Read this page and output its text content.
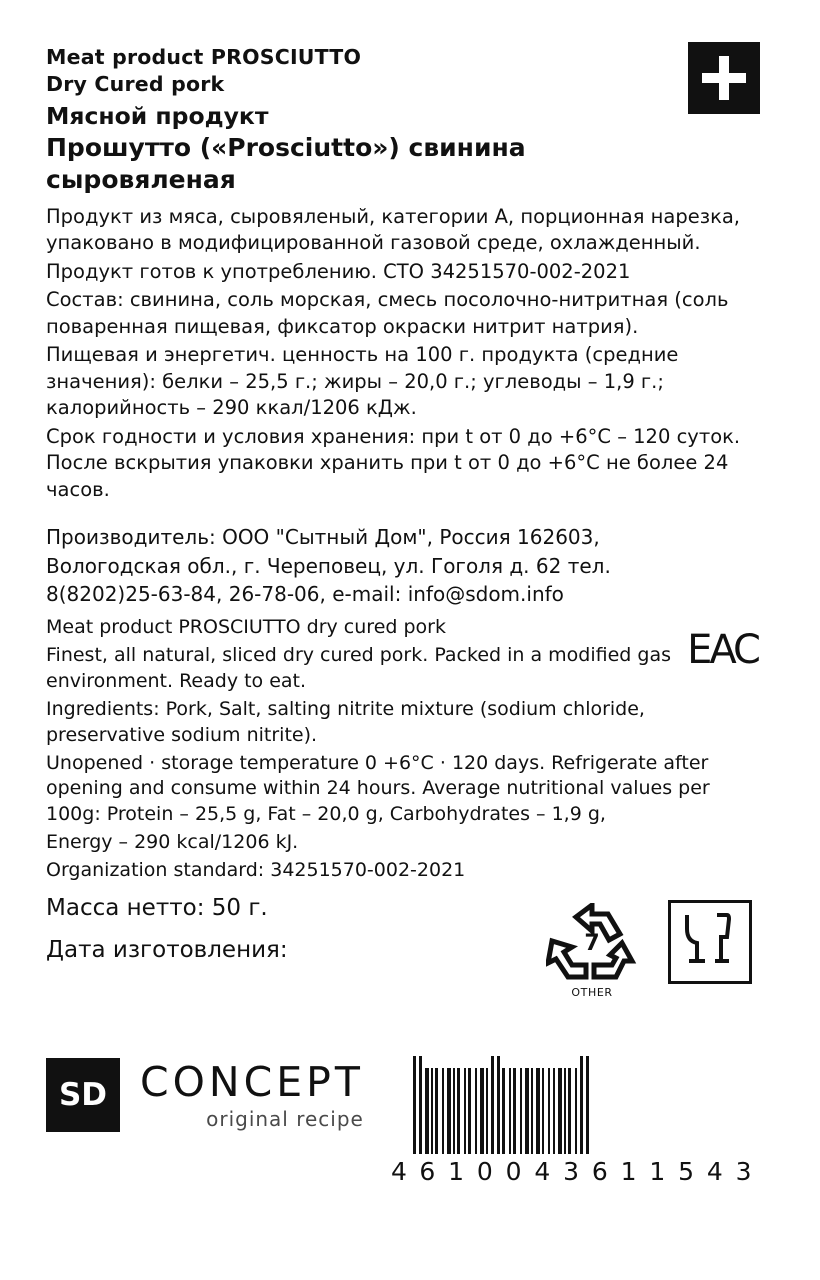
Meat product PROSCIUTTO

Dry Cured pork

Мясной продукт

Прошутто («Prosciutto») свинина сыровяленая

Продукт из мяса, сыровяленый, категории А, порционная нарезка, упаковано в модифицированной газовой среде, охлажденный.

Продукт готов к употреблению. СТО 34251570-002-2021

Состав: свинина, соль морская, смесь посолочно-нитритная (соль поваренная пищевая, фиксатор окраски нитрит натрия).

Пищевая и энергетич. ценность на 100 г. продукта (средние значения): белки – 25,5 г.; жиры – 20,0 г.; углеводы – 1,9 г.; калорийность – 290 ккал/1206 кДж.

Срок годности и условия хранения: при t от 0 до +6°С – 120 суток. После вскрытия упаковки хранить при t от 0 до +6°С не более 24 часов.

Производитель: ООО "Сытный Дом", Россия 162603, Вологодская обл., г. Череповец, ул. Гоголя д. 62 тел. 8(8202)25-63-84, 26-78-06, e-mail: info@sdom.info

Meat product PROSCIUTTO dry cured pork

Finest, all natural, sliced dry cured pork. Packed in a modified gas environment. Ready to eat.

Ingredients: Pork, Salt, salting nitrite mixture (sodium chloride, preservative sodium nitrite).

Unopened · storage temperature 0 +6°C · 120 days. Refrigerate after opening and consume within 24 hours. Average nutritional values per 100g: Protein – 25,5 g, Fat – 20,0 g, Carbohydrates – 1,9 g,

Energy – 290 kcal/1206 kJ.

Organization standard: 34251570-002-2021

Масса нетто: 50 г.

Дата изготовления:

EAC
7
OTHER
SD CONCEPT
original recipe
4 6 1 0 0 4 3 6 1 1 5 4 3
